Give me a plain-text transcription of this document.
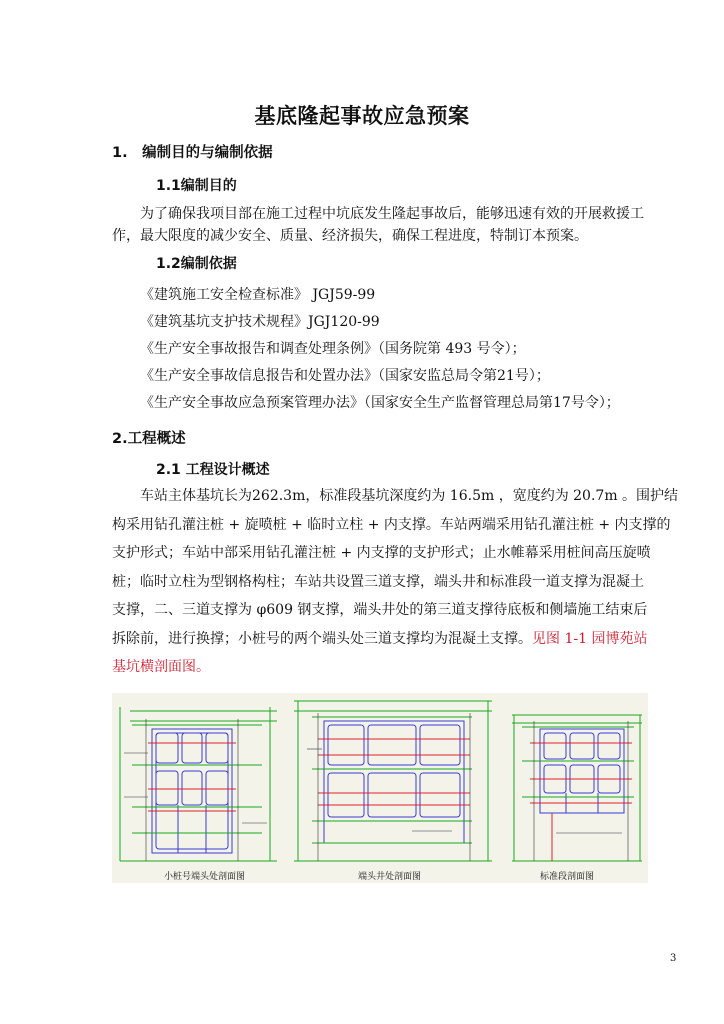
基底隆起事故应急预案
1.　编制目的与编制依据
1.1编制目的
为了确保我项目部在施工过程中坑底发生隆起事故后，能够迅速有效的开展救援工
作，最大限度的减少安全、质量、经济损失，确保工程进度，特制订本预案。
1.2编制依据
《建筑施工安全检查标准》 JGJ59-99
《建筑基坑支护技术规程》JGJ120-99
《生产安全事故报告和调查处理条例》（国务院第 493 号令）；
《生产安全事故信息报告和处置办法》（国家安监总局令第21号）；
《生产安全事故应急预案管理办法》（国家安全生产监督管理总局第17号令）；
2.工程概述
2.1 工程设计概述
车站主体基坑长为262.3m，标准段基坑深度约为 16.5m ，宽度约为 20.7m 。围护结
构采用钻孔灌注桩 + 旋喷桩 + 临时立柱 + 内支撑。车站两端采用钻孔灌注桩 + 内支撑的
支护形式；车站中部采用钻孔灌注桩 + 内支撑的支护形式；止水帷幕采用桩间高压旋喷
桩；临时立柱为型钢格构柱；车站共设置三道支撑，端头井和标准段一道支撑为混凝土
支撑，二、三道支撑为 φ609 钢支撑，端头井处的第三道支撑待底板和侧墙施工结束后
拆除前，进行换撑；小桩号的两个端头处三道支撑均为混凝土支撑。见图 1-1 园博苑站
基坑横剖面图。
小桩号端头处剖面图	端头井处剖面图	标准段剖面图
3
